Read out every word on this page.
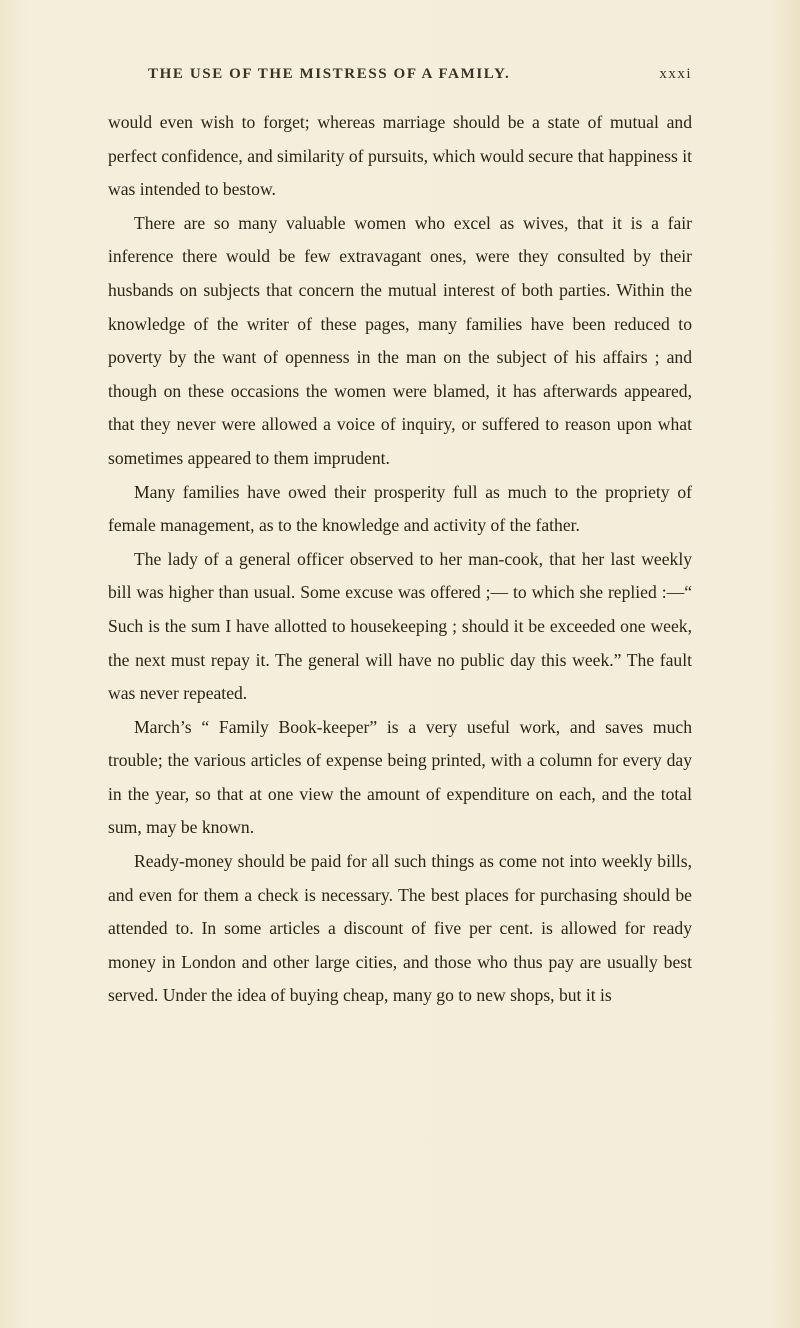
THE USE OF THE MISTRESS OF A FAMILY.	xxxi

would even wish to forget; whereas marriage should be a state of mutual and perfect confidence, and similarity of pursuits, which would secure that happiness it was intended to bestow.

There are so many valuable women who excel as wives, that it is a fair inference there would be few extravagant ones, were they consulted by their husbands on subjects that concern the mutual interest of both parties. Within the knowledge of the writer of these pages, many families have been reduced to poverty by the want of openness in the man on the subject of his affairs ; and though on these occasions the women were blamed, it has afterwards appeared, that they never were allowed a voice of inquiry, or suffered to reason upon what sometimes appeared to them imprudent.

Many families have owed their prosperity full as much to the propriety of female management, as to the knowledge and activity of the father.

The lady of a general officer observed to her man-cook, that her last weekly bill was higher than usual. Some excuse was offered ;— to which she replied :—“ Such is the sum I have allotted to housekeeping ; should it be exceeded one week, the next must repay it. The general will have no public day this week.” The fault was never repeated.

March’s “ Family Book-keeper” is a very useful work, and saves much trouble; the various articles of expense being printed, with a column for every day in the year, so that at one view the amount of expenditure on each, and the total sum, may be known.

Ready-money should be paid for all such things as come not into weekly bills, and even for them a check is necessary. The best places for purchasing should be attended to. In some articles a discount of five per cent. is allowed for ready money in London and other large cities, and those who thus pay are usually best served. Under the idea of buying cheap, many go to new shops, but it is
